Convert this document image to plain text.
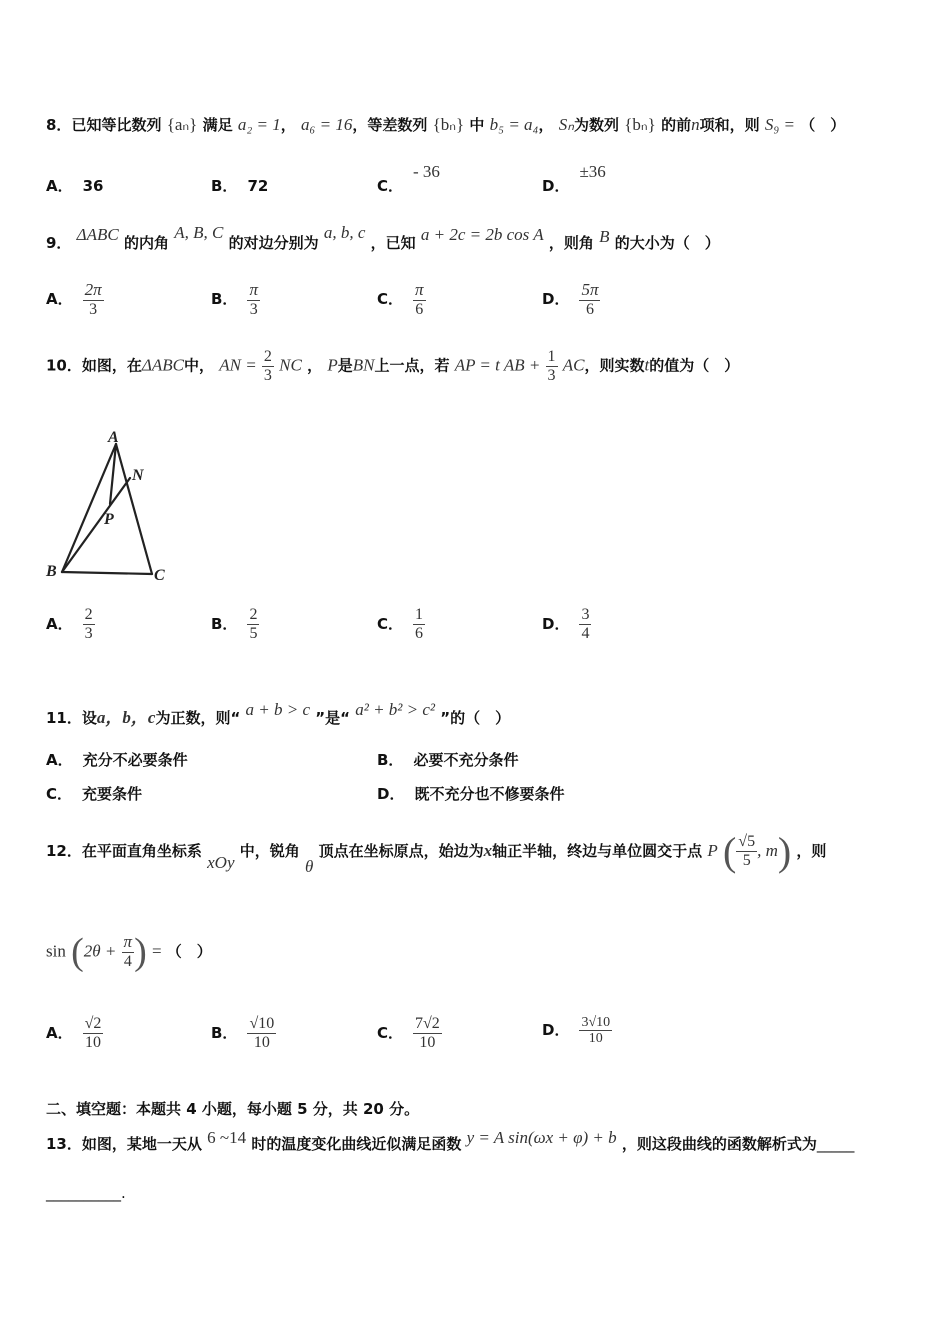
8．已知等比数列 {aₙ} 满足 a₂ = 1， a₆ = 16，等差数列 {bₙ} 中 b₅ = a₄， Sₙ为数列 {bₙ} 的前n项和，则 S₉ = （　）
A． 36	B． 72	C．- 36
D．±36
9． ΔABC 的内角 A, B, C 的对边分别为 a, b, c ，已知 a + 2c = 2b cos A ，则角 B 的大小为（　）
A． $\frac{2\pi}{3}$	B． $\frac{\pi}{3}$	C． $\frac{\pi}{6}$	D． $\frac{5\pi}{6}$
10．如图，在ΔABC中， AN = $\frac{2}{3}$ NC ， P是BN上一点，若 AP = t AB + $\frac{1}{3}$ AC，则实数t的值为（　）
A
N
P
B	C
A． $\frac{2}{3}$	B． $\frac{2}{5}$	C． $\frac{1}{6}$	D． $\frac{3}{4}$
11．设a，b，c为正数，则“ a + b > c ”是“ a² + b² > c² ”的（　）
A． 充分不必要条件	B． 必要不充分条件
C． 充要条件	D． 既不充分也不修要条件
12．在平面直角坐标系 xOy 中，锐角 θ 顶点在坐标原点，始边为x轴正半轴，终边与单位圆交于点 P ( $\frac{√5}{5}$ , m) ，则
$\sin (2\theta + \frac{\pi}{4}$ ) = （　）
A． $\frac{√2}{10}$	B． $\frac{√10}{10}$	C． $\frac{7√2}{10}$	D． $\frac{3√10}{10}$
二、填空题：本题共 4 小题，每小题 5 分，共 20 分。
13．如图，某地一天从 6 ~14 时的温度变化曲线近似满足函数 y = A sin(ωx + φ) + b ，则这段曲线的函数解析式为_____
__________.
